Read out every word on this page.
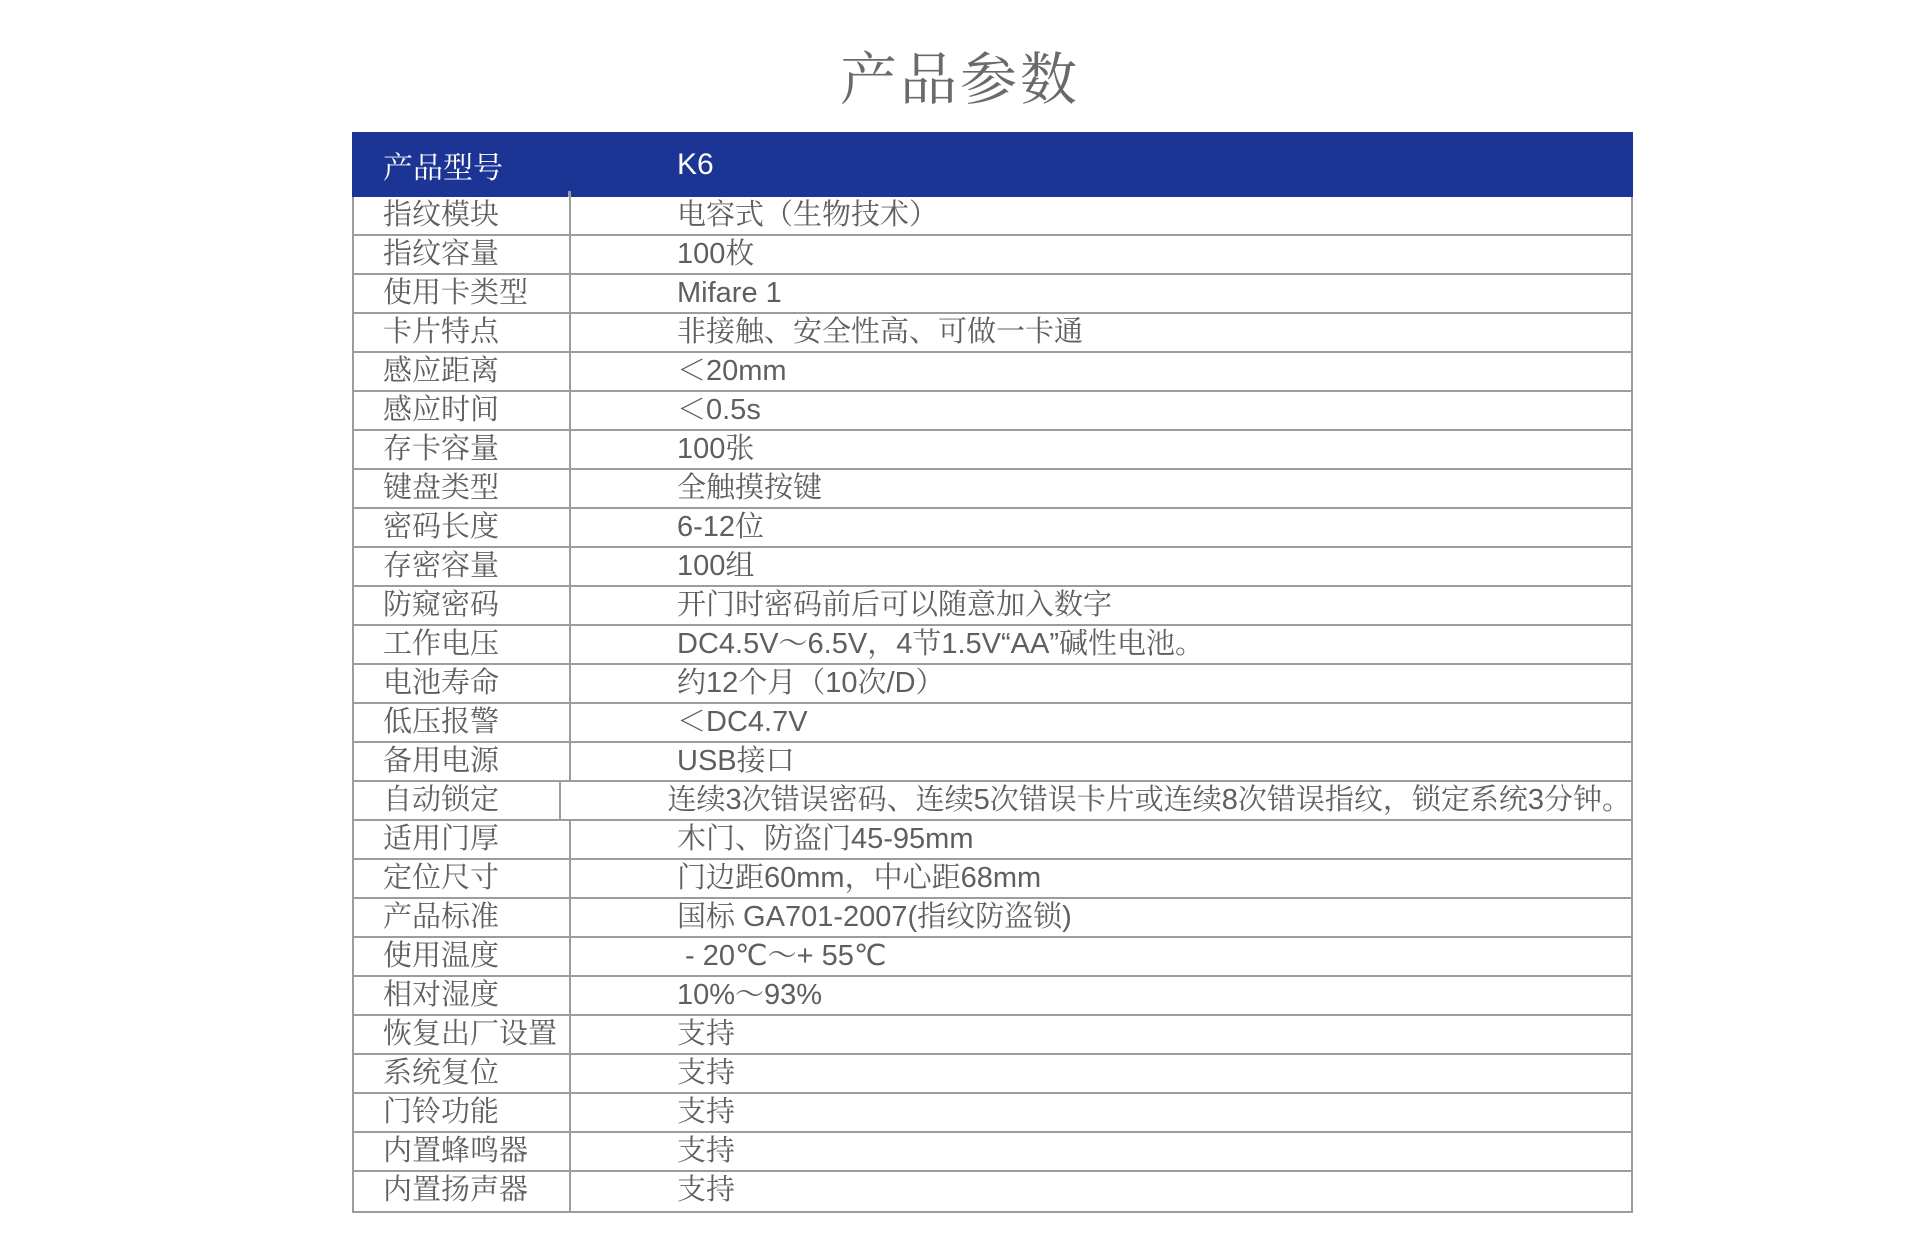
产品参数
产品型号	K6
指纹模块	电容式（生物技术）
指纹容量	100枚
使用卡类型	Mifare 1
卡片特点	非接触、安全性高、可做一卡通
感应距离	＜20mm
感应时间	＜0.5s
存卡容量	100张
键盘类型	全触摸按键
密码长度	6-12位
存密容量	100组
防窥密码	开门时密码前后可以随意加入数字
工作电压	DC4.5V～6.5V，4节1.5V“AA”碱性电池。
电池寿命	约12个月（10次/D）
低压报警	＜DC4.7V
备用电源	USB接口
自动锁定	连续3次错误密码、连续5次错误卡片或连续8次错误指纹，锁定系统3分钟。
适用门厚	木门、防盗门45-95mm
定位尺寸	门边距60mm，中心距68mm
产品标准	国标 GA701-2007(指纹防盗锁)
使用温度	- 20℃～+ 55℃
相对湿度	10%～93%
恢复出厂设置	支持
系统复位	支持
门铃功能	支持
内置蜂鸣器	支持
内置扬声器	支持
